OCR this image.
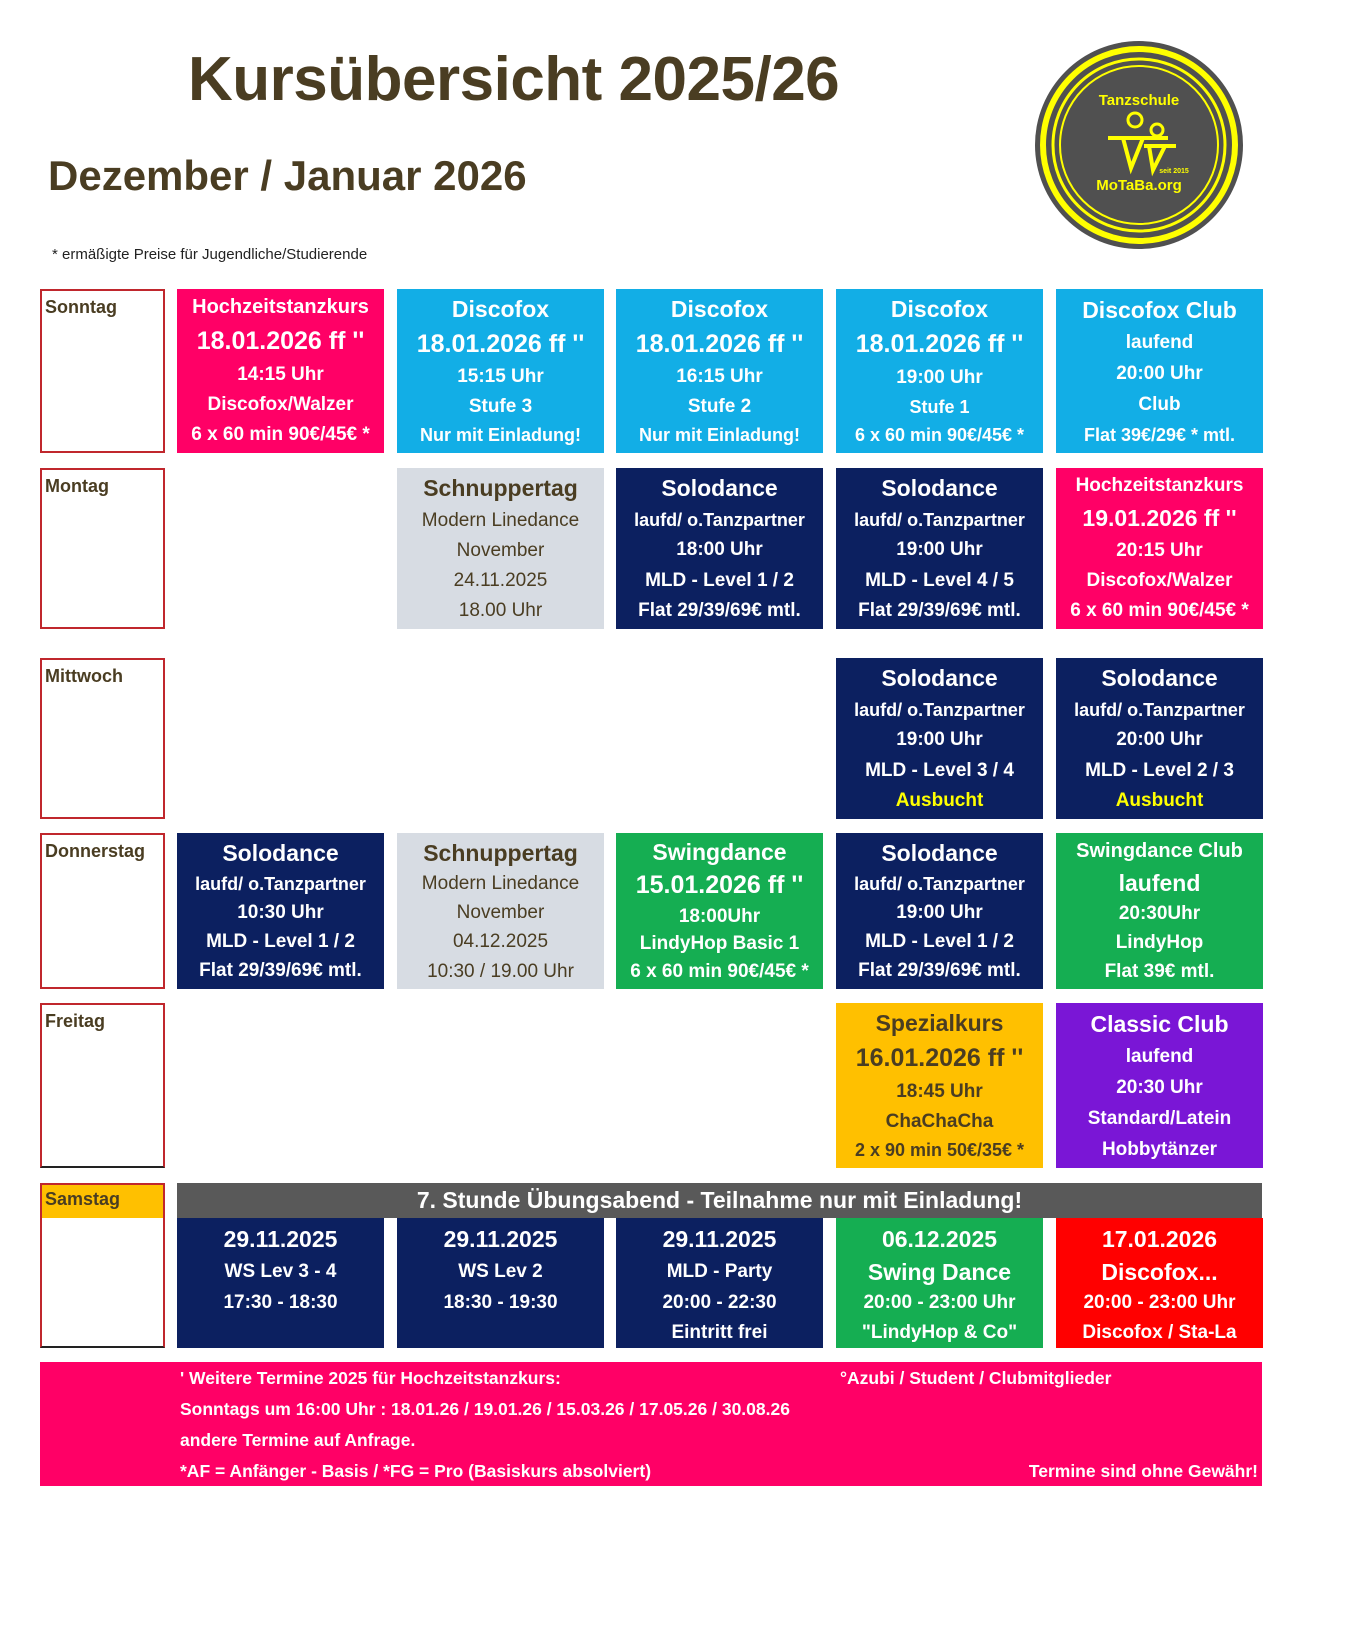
Kursübersicht 2025/26
Dezember / Januar 2026
* ermäßigte Preise für Jugendliche/Studierende
Tanzschule
seit 2015
MoTaBa.org
Sonntag
Montag
Mittwoch
Donnerstag
Freitag
Samstag
Hochzeitstanzkurs
18.01.2026 ff ''
14:15 Uhr
Discofox/Walzer
6 x 60 min 90€/45€ *
Discofox
18.01.2026 ff ''
15:15 Uhr
Stufe 3
Nur mit Einladung!
Discofox
18.01.2026 ff ''
16:15 Uhr
Stufe 2
Nur mit Einladung!
Discofox
18.01.2026 ff ''
19:00 Uhr
Stufe 1
6 x 60 min 90€/45€ *
Discofox Club
laufend
20:00 Uhr
Club
Flat 39€/29€ * mtl.
Schnuppertag
Modern Linedance
November
24.11.2025
18.00 Uhr
Solodance
laufd/ o.Tanzpartner
18:00 Uhr
MLD - Level 1 / 2
Flat 29/39/69€ mtl.
Solodance
laufd/ o.Tanzpartner
19:00 Uhr
MLD - Level 4 / 5
Flat 29/39/69€ mtl.
Hochzeitstanzkurs
19.01.2026 ff ''
20:15 Uhr
Discofox/Walzer
6 x 60 min 90€/45€ *
Solodance
laufd/ o.Tanzpartner
19:00 Uhr
MLD - Level 3 / 4
Ausbucht
Solodance
laufd/ o.Tanzpartner
20:00 Uhr
MLD - Level 2 / 3
Ausbucht
Solodance
laufd/ o.Tanzpartner
10:30 Uhr
MLD - Level 1 / 2
Flat 29/39/69€ mtl.
Schnuppertag
Modern Linedance
November
04.12.2025
10:30 / 19.00 Uhr
Swingdance
15.01.2026 ff ''
18:00Uhr
LindyHop Basic 1
6 x 60 min 90€/45€ *
Solodance
laufd/ o.Tanzpartner
19:00 Uhr
MLD - Level 1 / 2
Flat 29/39/69€ mtl.
Swingdance Club
laufend
20:30Uhr
LindyHop
Flat 39€ mtl.
Spezialkurs
16.01.2026 ff ''
18:45 Uhr
ChaChaCha
2 x 90 min 50€/35€ *
Classic Club
laufend
20:30 Uhr
Standard/Latein
Hobbytänzer
7. Stunde Übungsabend - Teilnahme nur mit Einladung!
29.11.2025
WS Lev 3 - 4
17:30 - 18:30
29.11.2025
WS Lev 2
18:30 - 19:30
29.11.2025
MLD - Party
20:00 - 22:30
Eintritt frei
06.12.2025
Swing Dance
20:00 - 23:00 Uhr
"LindyHop & Co"
17.01.2026
Discofox...
20:00 - 23:00 Uhr
Discofox / Sta-La
' Weitere Termine 2025 für Hochzeitstanzkurs:	°Azubi / Student / Clubmitglieder
Sonntags um 16:00 Uhr : 18.01.26 / 19.01.26 / 15.03.26 / 17.05.26 / 30.08.26
andere Termine auf Anfrage.
*AF = Anfänger - Basis / *FG = Pro (Basiskurs absolviert)	Termine sind ohne Gewähr!
